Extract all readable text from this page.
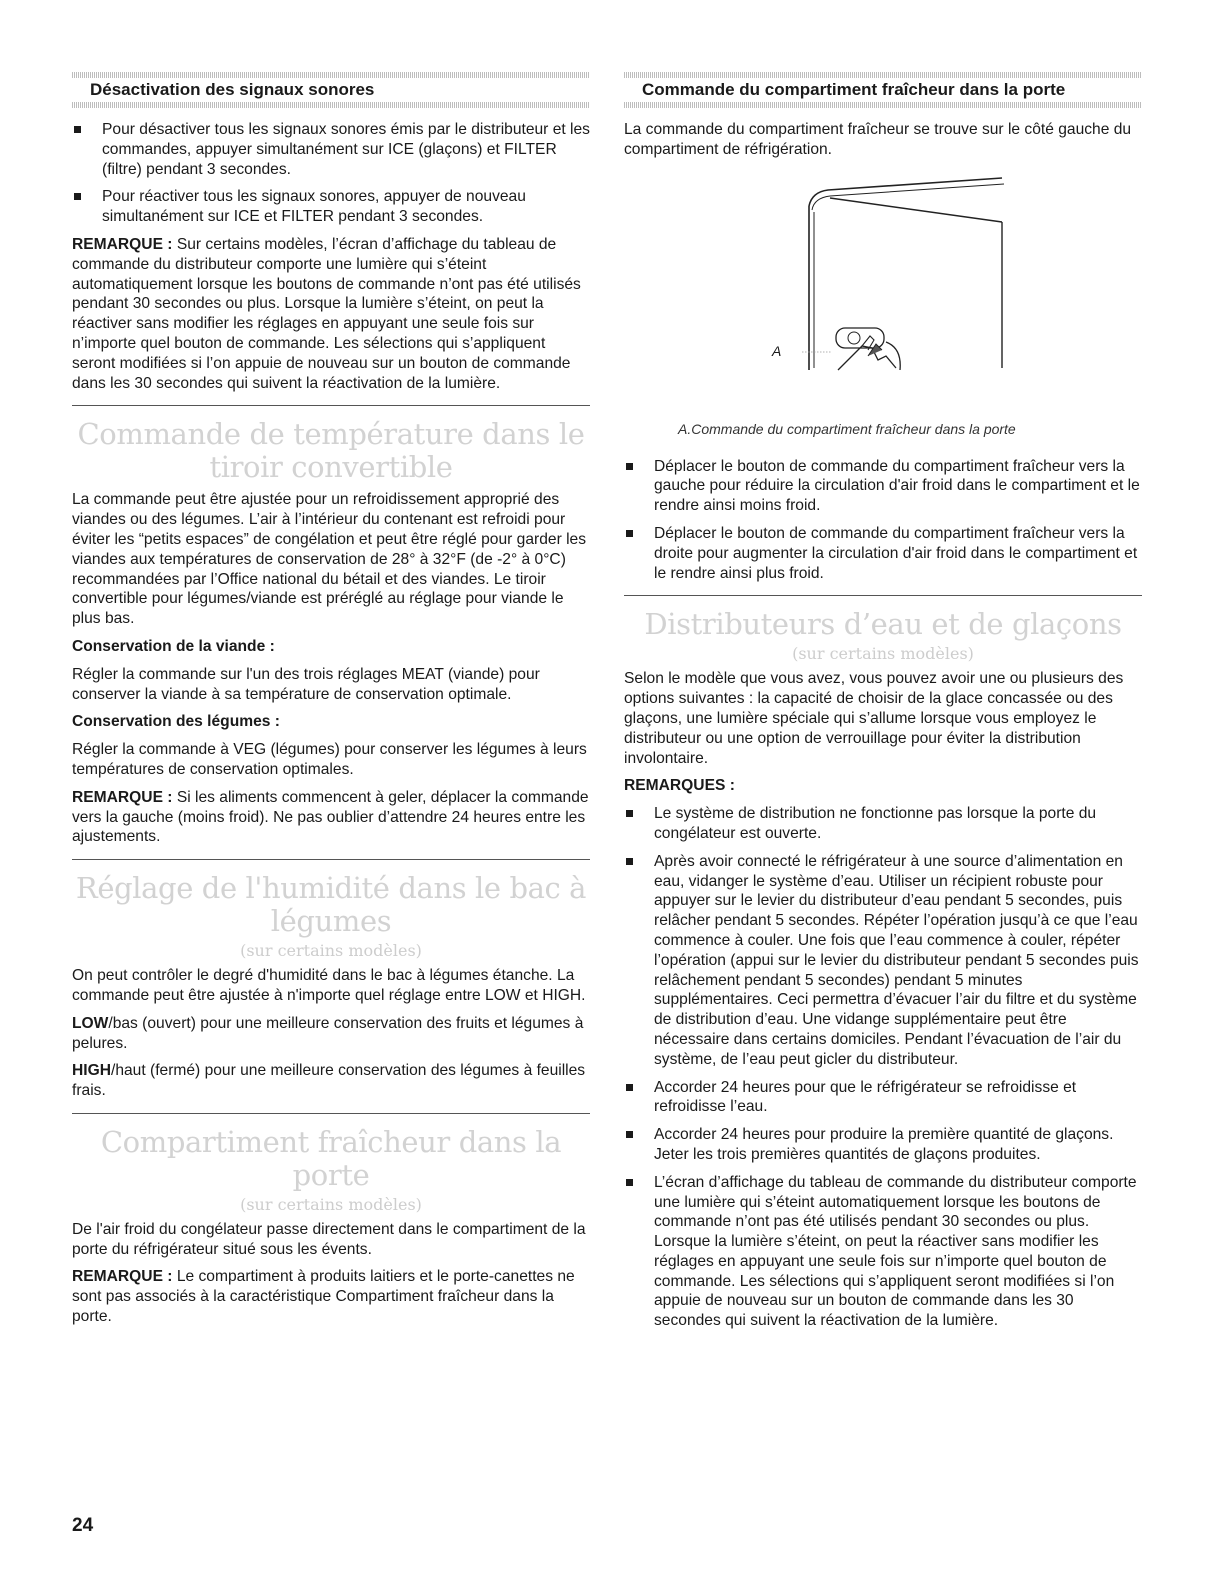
Désactivation des signaux sonores
Pour désactiver tous les signaux sonores émis par le distributeur et les commandes, appuyer simultanément sur ICE (glaçons) et FILTER (filtre) pendant 3 secondes.
Pour réactiver tous les signaux sonores, appuyer de nouveau simultanément sur ICE et FILTER pendant 3 secondes.

REMARQUE : Sur certains modèles, l’écran d’affichage du tableau de commande du distributeur comporte une lumière qui s’éteint automatiquement lorsque les boutons de commande n’ont pas été utilisés pendant 30 secondes ou plus. Lorsque la lumière s’éteint, on peut la réactiver sans modifier les réglages en appuyant une seule fois sur n’importe quel bouton de commande. Les sélections qui s’appliquent seront modifiées si l’on appuie de nouveau sur un bouton de commande dans les 30 secondes qui suivent la réactivation de la lumière.

Commande de température dans le tiroir convertible

La commande peut être ajustée pour un refroidissement approprié des viandes ou des légumes. L’air à l’intérieur du contenant est refroidi pour éviter les “petits espaces” de congélation et peut être réglé pour garder les viandes aux températures de conservation de 28° à 32°F (de -2° à 0°C) recommandées par l’Office national du bétail et des viandes. Le tiroir convertible pour légumes/viande est préréglé au réglage pour viande le plus bas.

Conservation de la viande :

Régler la commande sur l'un des trois réglages MEAT (viande) pour conserver la viande à sa température de conservation optimale.

Conservation des légumes :

Régler la commande à VEG (légumes) pour conserver les légumes à leurs températures de conservation optimales.

REMARQUE : Si les aliments commencent à geler, déplacer la commande vers la gauche (moins froid). Ne pas oublier d’attendre 24 heures entre les ajustements.

Réglage de l'humidité dans le bac à légumes
(sur certains modèles)

On peut contrôler le degré d'humidité dans le bac à légumes étanche. La commande peut être ajustée à n'importe quel réglage entre LOW et HIGH.

LOW/bas (ouvert) pour une meilleure conservation des fruits et légumes à pelures.

HIGH/haut (fermé) pour une meilleure conservation des légumes à feuilles frais.

Compartiment fraîcheur dans la porte
(sur certains modèles)

De l'air froid du congélateur passe directement dans le compartiment de la porte du réfrigérateur situé sous les évents.

REMARQUE : Le compartiment à produits laitiers et le porte-canettes ne sont pas associés à la caractéristique Compartiment fraîcheur dans la porte.

Commande du compartiment fraîcheur dans la porte

La commande du compartiment fraîcheur se trouve sur le côté gauche du compartiment de réfrigération.

A
A.Commande du compartiment fraîcheur dans la porte
Déplacer le bouton de commande du compartiment fraîcheur vers la gauche pour réduire la circulation d'air froid dans le compartiment et le rendre ainsi moins froid.
Déplacer le bouton de commande du compartiment fraîcheur vers la droite pour augmenter la circulation d'air froid dans le compartiment et le rendre ainsi plus froid.
Distributeurs d’eau et de glaçons
(sur certains modèles)

Selon le modèle que vous avez, vous pouvez avoir une ou plusieurs des options suivantes : la capacité de choisir de la glace concassée ou des glaçons, une lumière spéciale qui s’allume lorsque vous employez le distributeur ou une option de verrouillage pour éviter la distribution involontaire.

REMARQUES :
Le système de distribution ne fonctionne pas lorsque la porte du congélateur est ouverte.
Après avoir connecté le réfrigérateur à une source d’alimentation en eau, vidanger le système d’eau. Utiliser un récipient robuste pour appuyer sur le levier du distributeur d’eau pendant 5 secondes, puis relâcher pendant 5 secondes. Répéter l’opération jusqu’à ce que l’eau commence à couler. Une fois que l’eau commence à couler, répéter l’opération (appui sur le levier du distributeur pendant 5 secondes puis relâchement pendant 5 secondes) pendant 5 minutes supplémentaires. Ceci permettra d’évacuer l’air du filtre et du système de distribution d’eau. Une vidange supplémentaire peut être nécessaire dans certains domiciles. Pendant l’évacuation de l’air du système, de l’eau peut gicler du distributeur.
Accorder 24 heures pour que le réfrigérateur se refroidisse et refroidisse l’eau.
Accorder 24 heures pour produire la première quantité de glaçons. Jeter les trois premières quantités de glaçons produites.
L’écran d’affichage du tableau de commande du distributeur comporte une lumière qui s’éteint automatiquement lorsque les boutons de commande n’ont pas été utilisés pendant 30 secondes ou plus. Lorsque la lumière s’éteint, on peut la réactiver sans modifier les réglages en appuyant une seule fois sur n’importe quel bouton de commande. Les sélections qui s’appliquent seront modifiées si l’on appuie de nouveau sur un bouton de commande dans les 30 secondes qui suivent la réactivation de la lumière.
24
